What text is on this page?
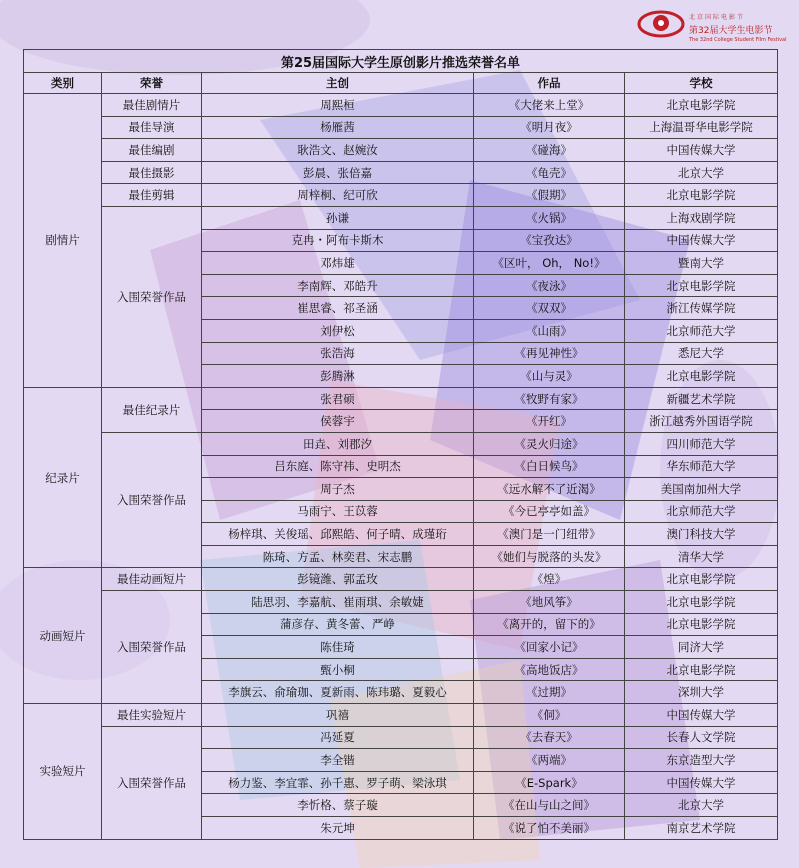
北京国际电影节
第32届大学生电影节
The 32nd College Student Film Festival
第25届国际大学生原创影片推选荣誉名单				
类别	荣誉	主创	作品	学校
剧情片	最佳剧情片	周熙桓	《大佬来上堂》	北京电影学院
	最佳导演	杨雁茜	《明月夜》	上海温哥华电影学院
	最佳编剧	耿浩文、赵婉汝	《碰海》	中国传媒大学
	最佳摄影	彭晨、张倍嘉	《龟壳》	北京大学
	最佳剪辑	周梓桐、纪可欣	《假期》	北京电影学院
	入围荣誉作品	孙谦	《火锅》	上海戏剧学院
		克冉・阿布卡斯木	《宝孜达》	中国传媒大学
		邓炜雄	《区叶， Oh， No!》	暨南大学
		李南辉、邓皓升	《夜泳》	北京电影学院
		崔思睿、祁圣涵	《双双》	浙江传媒学院
		刘伊松	《山雨》	北京师范大学
		张浩海	《再见神性》	悉尼大学
		彭腾淋	《山与灵》	北京电影学院
纪录片	最佳纪录片	张君硕	《牧野有家》	新疆艺术学院
		侯蓉宇	《开红》	浙江越秀外国语学院
	入围荣誉作品	田垚、刘郡汐	《灵火归途》	四川师范大学
		吕东庭、陈守祎、史明杰	《白日候鸟》	华东师范大学
		周子杰	《远水解不了近渴》	美国南加州大学
		马雨宁、王苡蓉	《今已亭亭如盖》	北京师范大学
		杨梓琪、关俊瑶、邱熙皓、何子晴、成瑾珩	《澳门是一门纽带》	澳门科技大学
		陈琦、方孟、林奕君、宋志鹏	《她们与脱落的头发》	清华大学
动画短片	最佳动画短片	彭镜潍、郭孟玫	《煌》	北京电影学院
	入围荣誉作品	陆思羽、李嘉航、崔雨琪、余敏婕	《地风筝》	北京电影学院
		蒲彦存、黄冬蕾、严峥	《离开的，留下的》	北京电影学院
		陈佳琦	《回家小记》	同济大学
		甄小桐	《高地饭店》	北京电影学院
		李旗云、俞瑜珈、夏新雨、陈玮璐、夏毅心	《过期》	深圳大学
实验短片	最佳实验短片	巩禧	《侗》	中国传媒大学
	入围荣誉作品	冯延夏	《去春天》	长春人文学院
		李全锴	《两端》	东京造型大学
		杨力鉴、李宜霏、孙千惠、罗子萌、梁泳琪	《E-Spark》	中国传媒大学
		李忻格、蔡子璇	《在山与山之间》	北京大学
		朱元坤	《说了怕不美丽》	南京艺术学院
